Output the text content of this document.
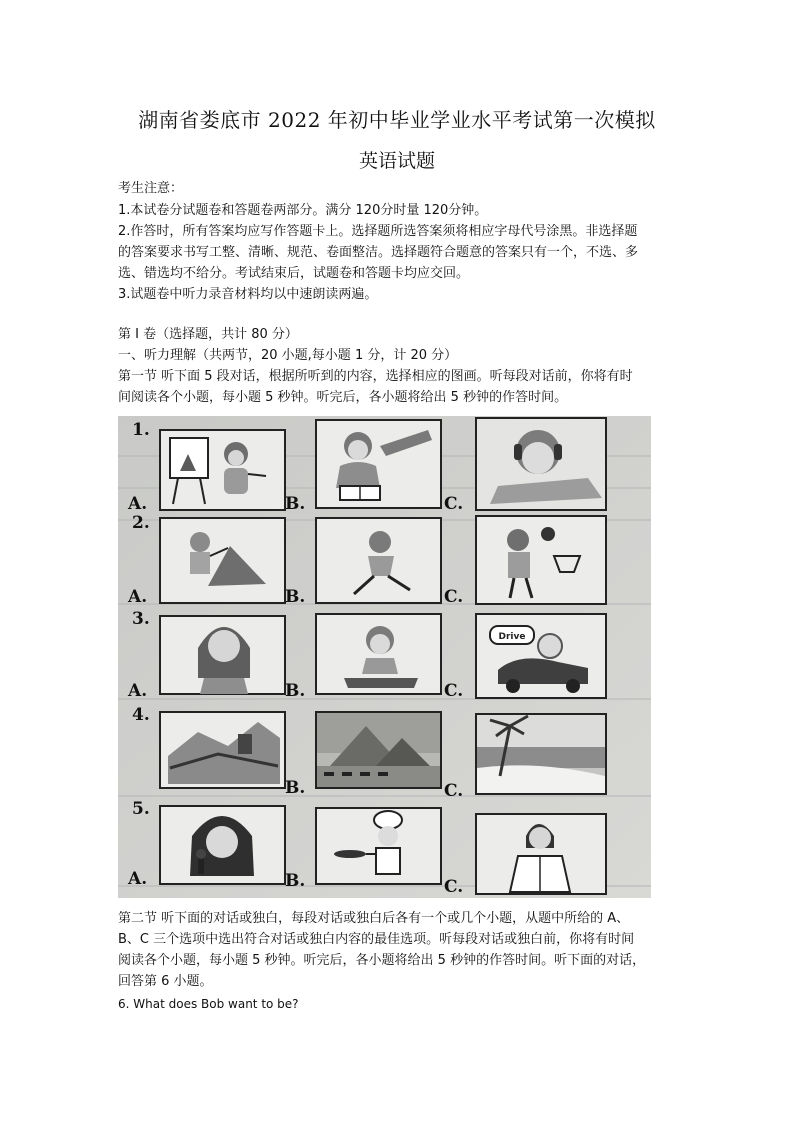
湖南省娄底市 2022 年初中毕业学业水平考试第一次模拟
英语试题
考生注意：
1.本试卷分试题卷和答题卷两部分。满分 120分时量 120分钟。
2.作答时，所有答案均应写作答题卡上。选择题所选答案须将相应字母代号涂黑。非选择题
的答案要求书写工整、清晰、规范、卷面整洁。选择题符合题意的答案只有一个，不选、多
选、错选均不给分。考试结束后，试题卷和答题卡均应交回。
3.试题卷中听力录音材料均以中速朗读两遍。
第 I 卷（选择题，共计 80 分）
一、听力理解（共两节，20 小题,每小题 1 分，计 20 分）
第一节 听下面 5 段对话，根据所听到的内容，选择相应的图画。听每段对话前，你将有时
间阅读各个小题，每小题 5 秒钟。听完后，各小题将给出 5 秒钟的作答时间。
1.
A.	B.	C.
2.
A.	B.	C.
3.
A.	B.	C.
Drive
4.
B.	C.
5.
A.	B.	C.
第二节 听下面的对话或独白，每段对话或独白后各有一个或几个小题，从题中所给的 A、
B、C 三个选项中选出符合对话或独白内容的最佳选项。听每段对话或独白前，你将有时间
阅读各个小题，每小题 5 秒钟。听完后，各小题将给出 5 秒钟的作答时间。听下面的对话，
回答第 6 小题。
6. What does Bob want to be?
